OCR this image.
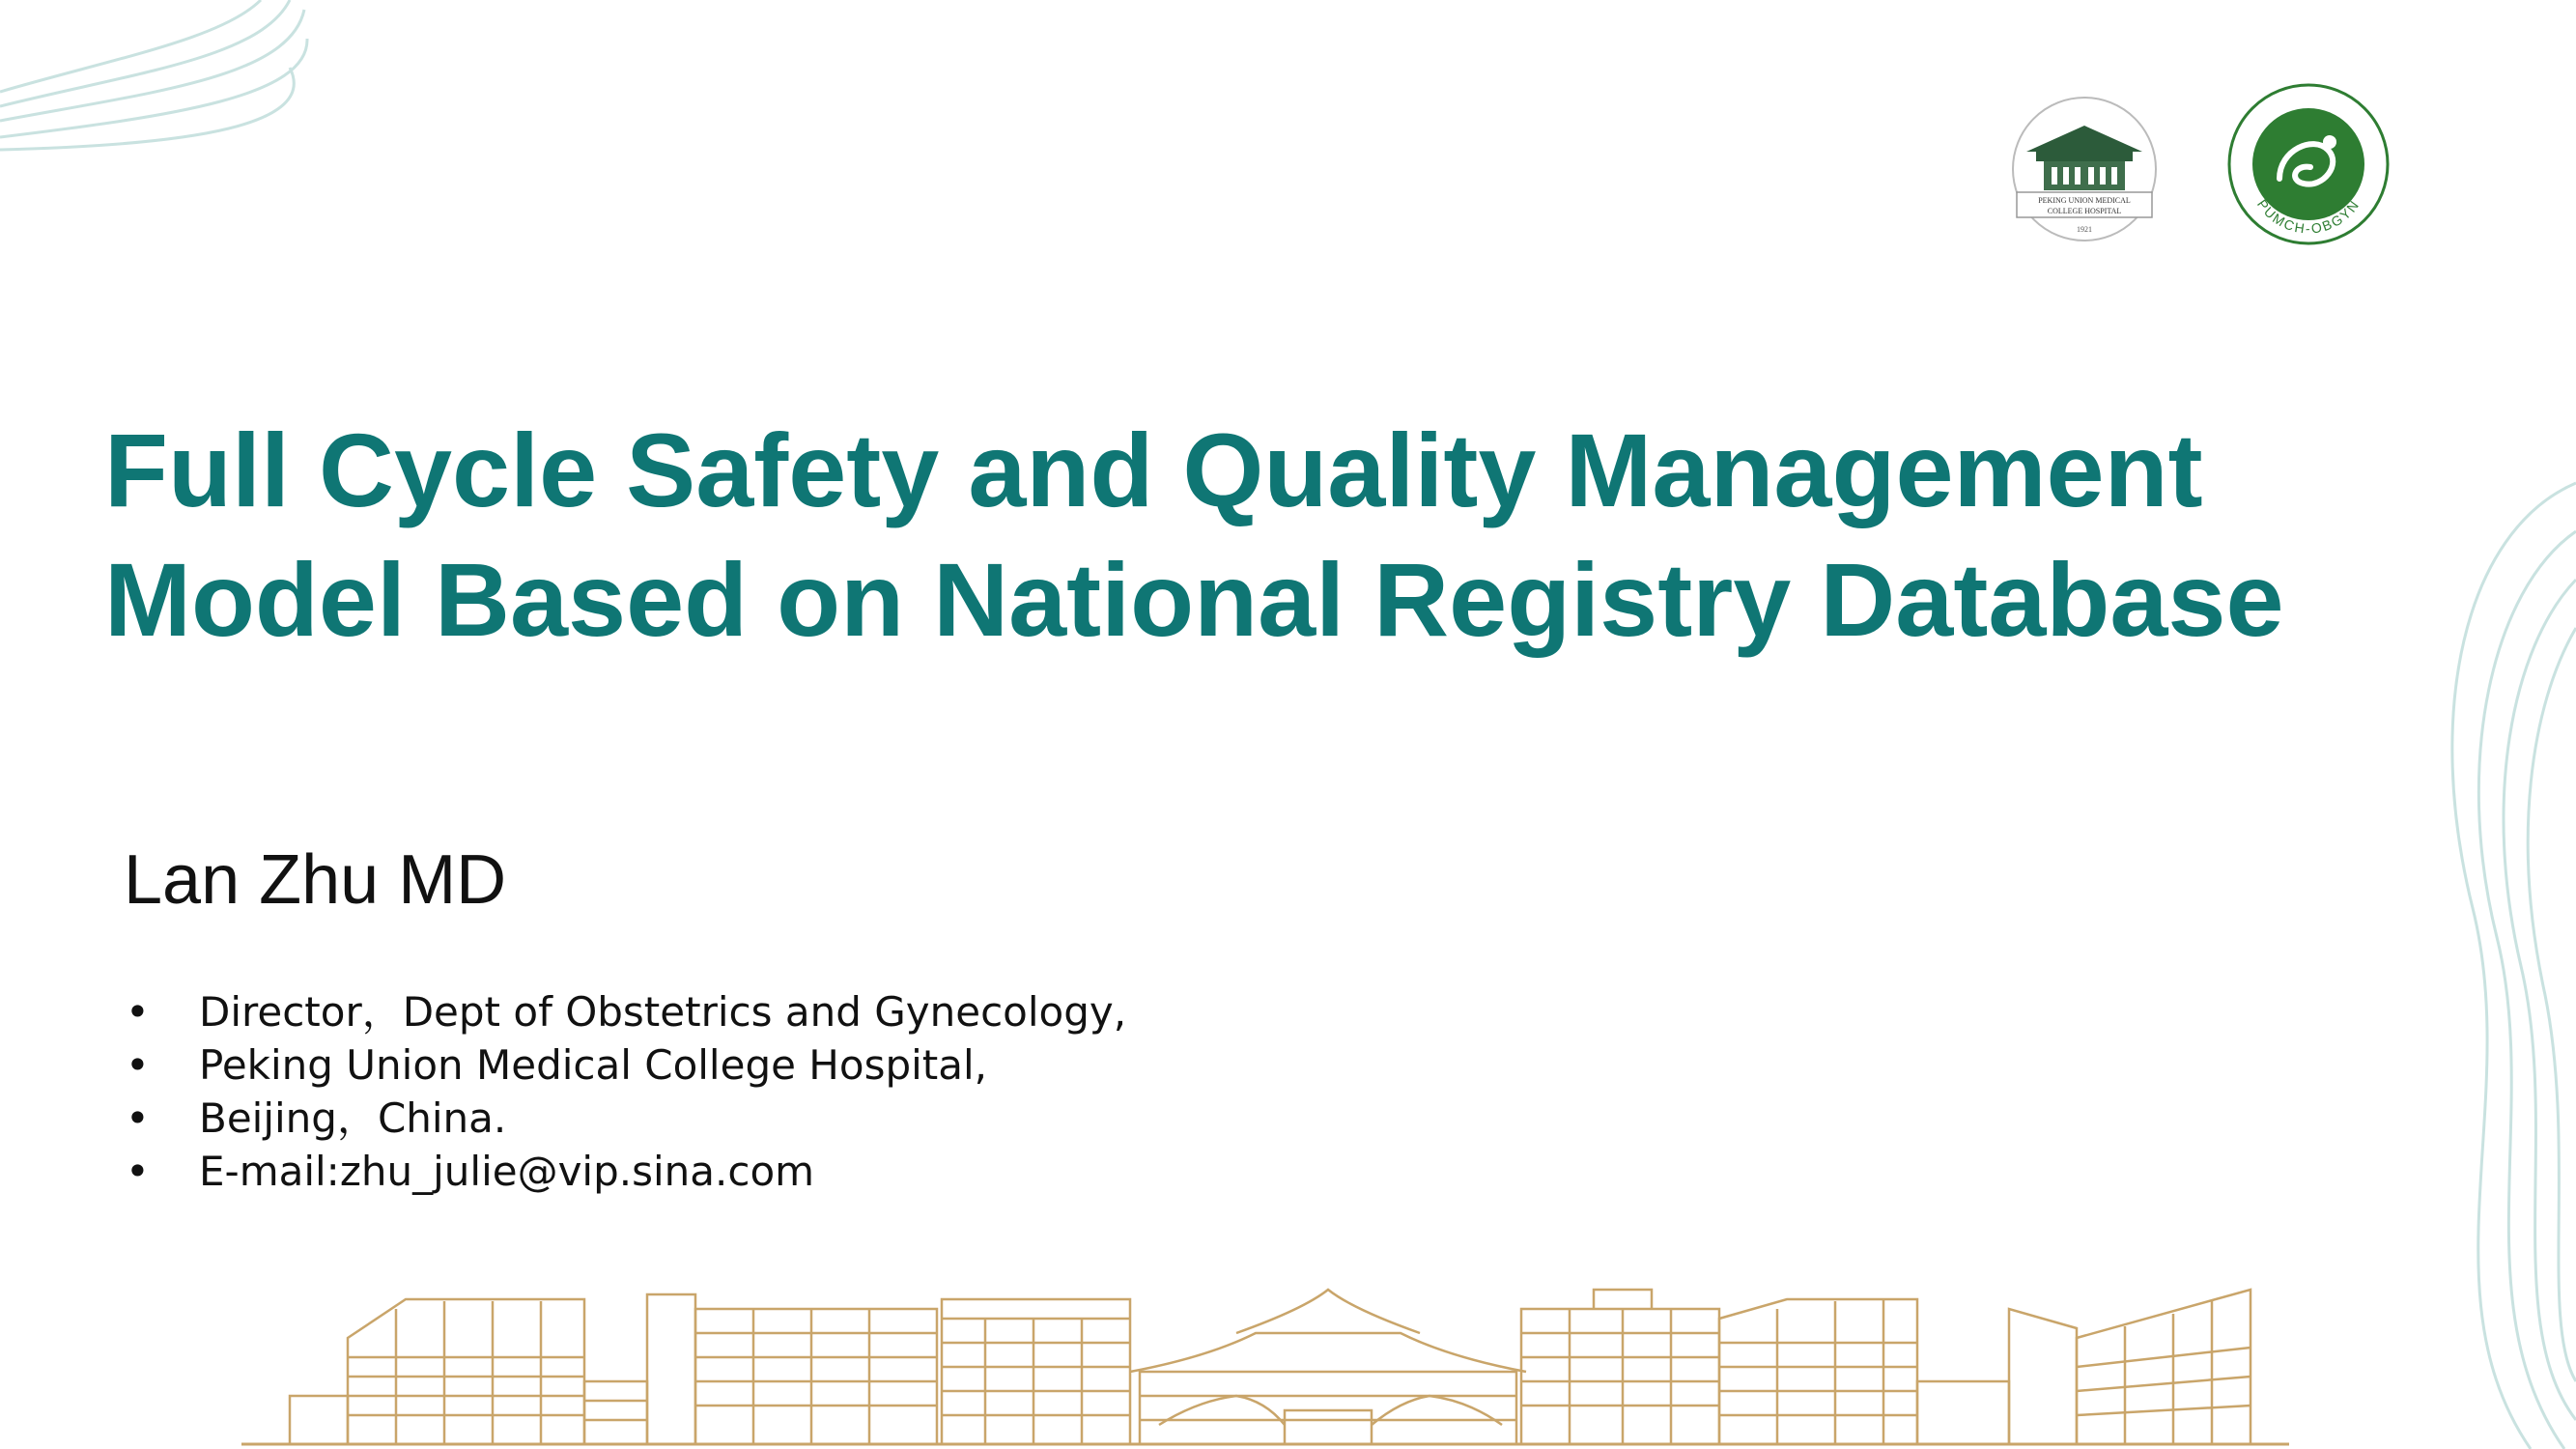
PEKING UNION MEDICAL
COLLEGE HOSPITAL
1921
PUMCH-OBGYN
Full Cycle Safety and Quality Management
Model Based on National Registry Database
Lan Zhu MD
• Director，Dept of Obstetrics and Gynecology,
• Peking Union Medical College Hospital,
• Beijing，China.
• E-mail:zhu_julie@vip.sina.com
